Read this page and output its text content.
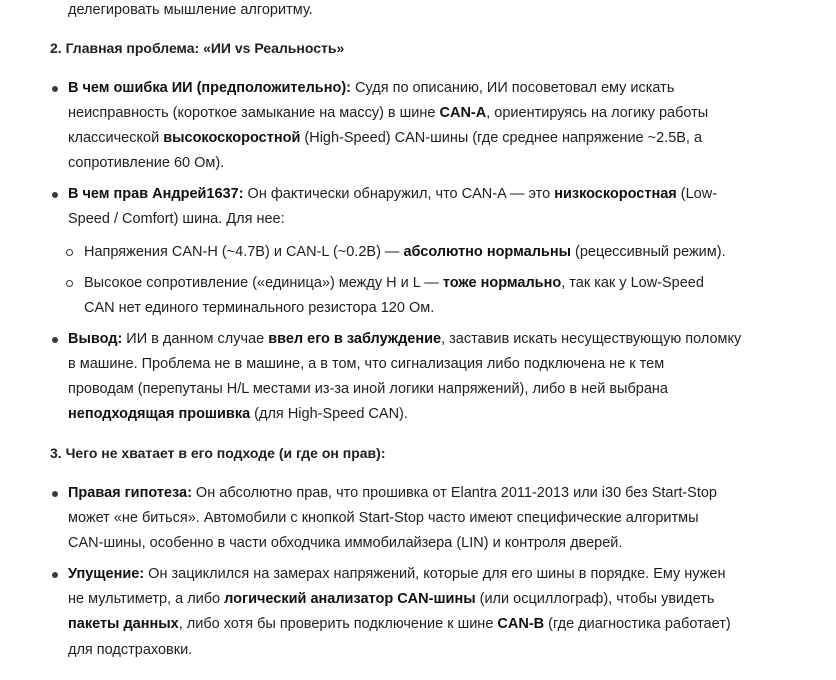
делегировать мышление алгоритму.
2. Главная проблема: «ИИ vs Реальность»
В чем ошибка ИИ (предположительно): Судя по описанию, ИИ посоветовал ему искать
неисправность (короткое замыкание на массу) в шине CAN-A, ориентируясь на логику работы
классической высокоскоростной (High-Speed) CAN-шины (где среднее напряжение ~2.5В, а
сопротивление 60 Ом).
В чем прав Андрей1637: Он фактически обнаружил, что CAN-A — это низкоскоростная (Low-
Speed / Comfort) шина. Для нее:
Напряжения CAN-H (~4.7В) и CAN-L (~0.2В) — абсолютно нормальны (рецессивный режим).
Высокое сопротивление («единица») между H и L — тоже нормально, так как у Low-Speed
CAN нет единого терминального резистора 120 Ом.
Вывод: ИИ в данном случае ввел его в заблуждение, заставив искать несуществующую поломку
в машине. Проблема не в машине, а в том, что сигнализация либо подключена не к тем
проводам (перепутаны H/L местами из-за иной логики напряжений), либо в ней выбрана
неподходящая прошивка (для High-Speed CAN).
3. Чего не хватает в его подходе (и где он прав):
Правая гипотеза: Он абсолютно прав, что прошивка от Elantra 2011-2013 или i30 без Start-Stop
может «не биться». Автомобили с кнопкой Start-Stop часто имеют специфические алгоритмы
CAN-шины, особенно в части обходчика иммобилайзера (LIN) и контроля дверей.
Упущение: Он зациклился на замерах напряжений, которые для его шины в порядке. Ему нужен
не мультиметр, а либо логический анализатор CAN-шины (или осциллограф), чтобы увидеть
пакеты данных, либо хотя бы проверить подключение к шине CAN-B (где диагностика работает)
для подстраховки.
